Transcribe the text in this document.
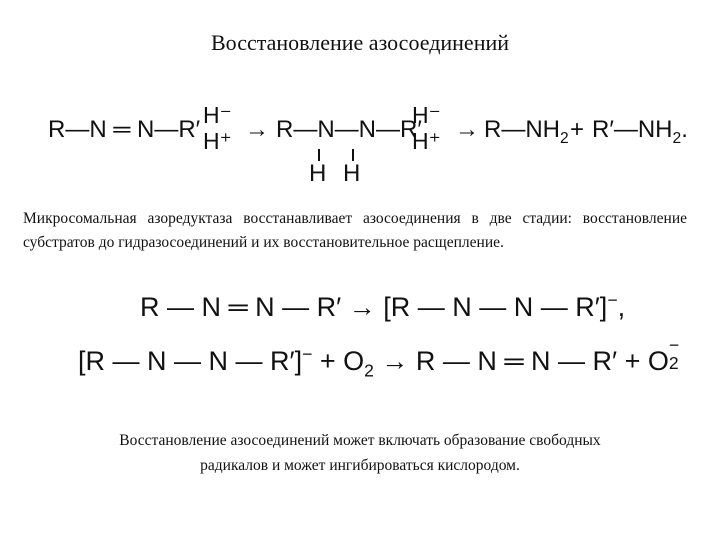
Восстановление азосоединений
R—N ═ N—R′
H⁻
H⁺ → R—N—N—R′
H H
H⁻
$H^+ \to R—NH_2$ + $R'—NH_2$.
Микросомальная азоредуктаза восстанавливает азосоединения в две стадии: восстановление субстратов до гидразосоединений и их восстановительное расщепление.
R — N ═ N — R′ → [R — N — N — R′]−,
[R — N — N — $R']^- + O_2 \to R$ — N ═ N — R′ + O
−
2
Восстановление азосоединений может включать образование свободных
радикалов и может ингибироваться кислородом.
